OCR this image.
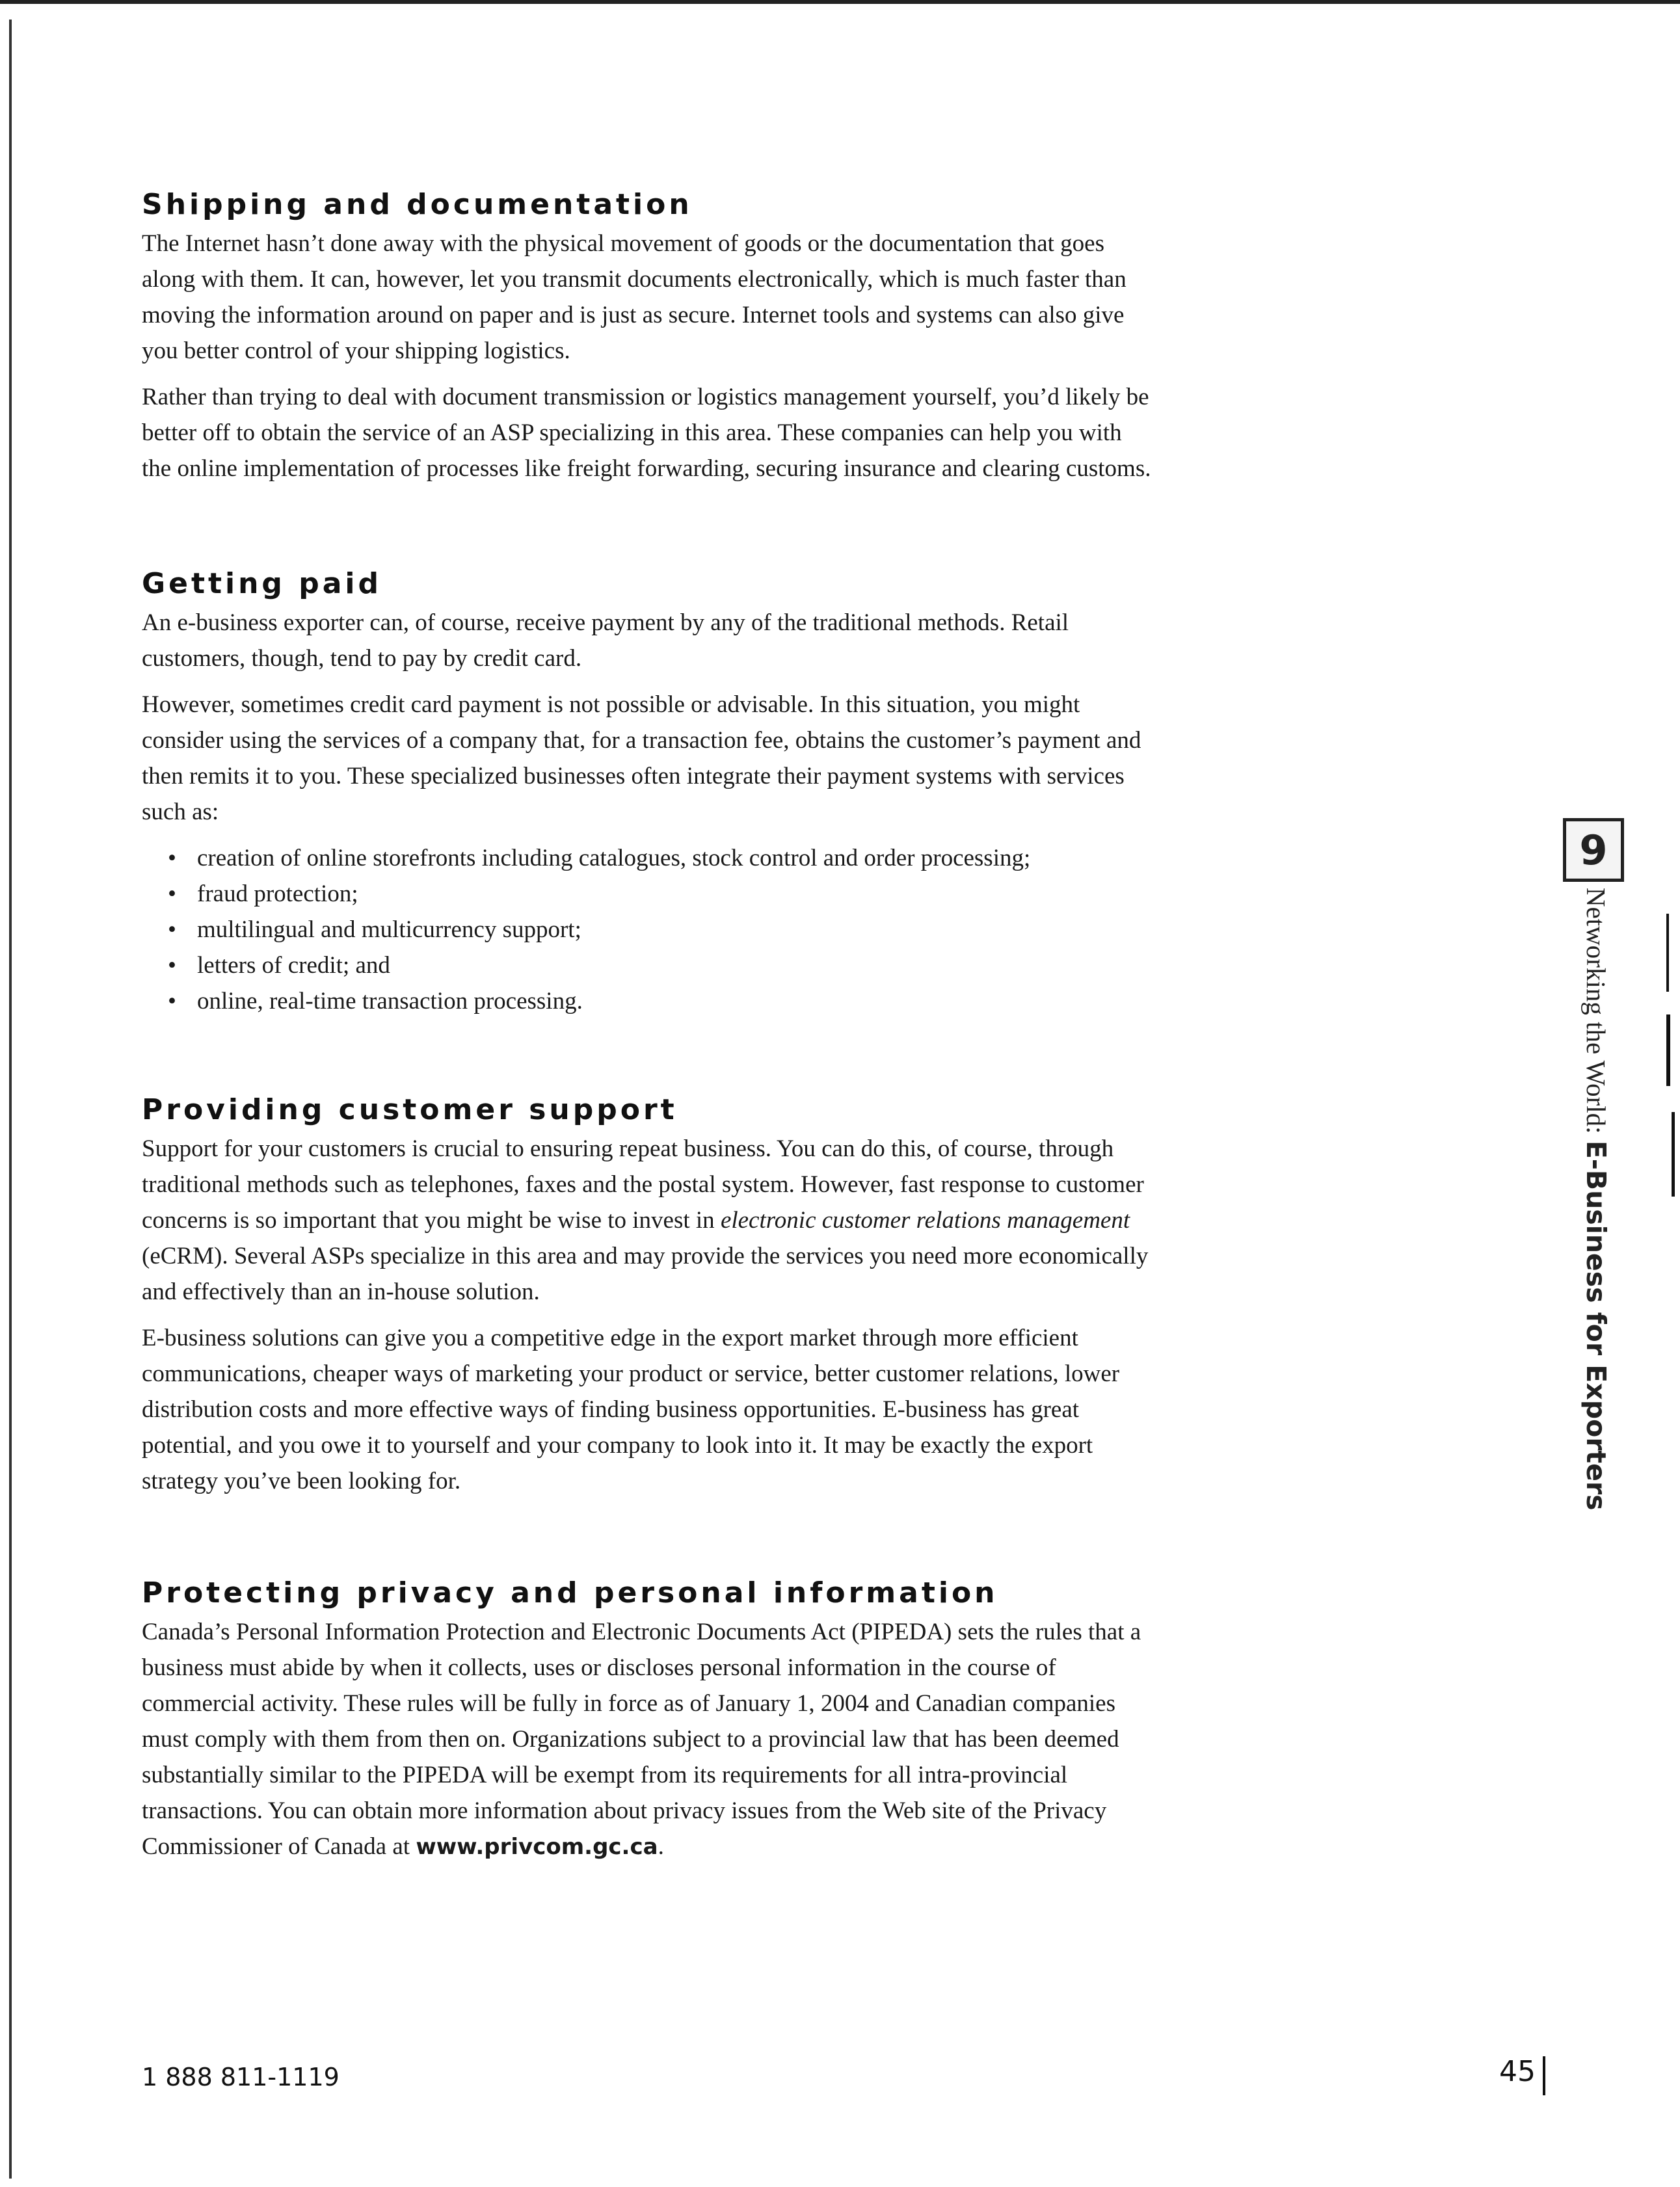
Shipping and documentation

The Internet hasn’t done away with the physical movement of goods or the documentation that goes along with them. It can, however, let you transmit documents electronically, which is much faster than moving the information around on paper and is just as secure. Internet tools and systems can also give you better control of your shipping logistics.

Rather than trying to deal with document transmission or logistics management yourself, you’d likely be better off to obtain the service of an ASP specializing in this area. These companies can help you with the online implementation of processes like freight forwarding, securing insurance and clearing customs.

Getting paid

An e-business exporter can, of course, receive payment by any of the traditional methods. Retail customers, though, tend to pay by credit card.

However, sometimes credit card payment is not possible or advisable. In this situation, you might consider using the services of a company that, for a transaction fee, obtains the customer’s payment and then remits it to you. These specialized businesses often integrate their payment systems with services such as:

• creation of online storefronts including catalogues, stock control and order processing;
• fraud protection;
• multilingual and multicurrency support;
• letters of credit; and
• online, real-time transaction processing.
Providing customer support

Support for your customers is crucial to ensuring repeat business. You can do this, of course, through traditional methods such as telephones, faxes and the postal system. However, fast response to customer concerns is so important that you might be wise to invest in electronic customer relations management (eCRM). Several ASPs specialize in this area and may provide the services you need more economically and effectively than an in-house solution.

E-business solutions can give you a competitive edge in the export market through more efficient communications, cheaper ways of marketing your product or service, better customer relations, lower distribution costs and more effective ways of finding business opportunities. E-business has great potential, and you owe it to yourself and your company to look into it. It may be exactly the export strategy you’ve been looking for.

Protecting privacy and personal information

Canada’s Personal Information Protection and Electronic Documents Act (PIPEDA) sets the rules that a business must abide by when it collects, uses or discloses personal information in the course of commercial activity. These rules will be fully in force as of January 1, 2004 and Canadian companies must comply with them from then on. Organizations subject to a provincial law that has been deemed substantially similar to the PIPEDA will be exempt from its requirements for all intra-provincial transactions. You can obtain more information about privacy issues from the Web site of the Privacy Commissioner of Canada at www.privcom.gc.ca.

1 888 811-1119	45
9
Networking the World: E-Business for Exporters
